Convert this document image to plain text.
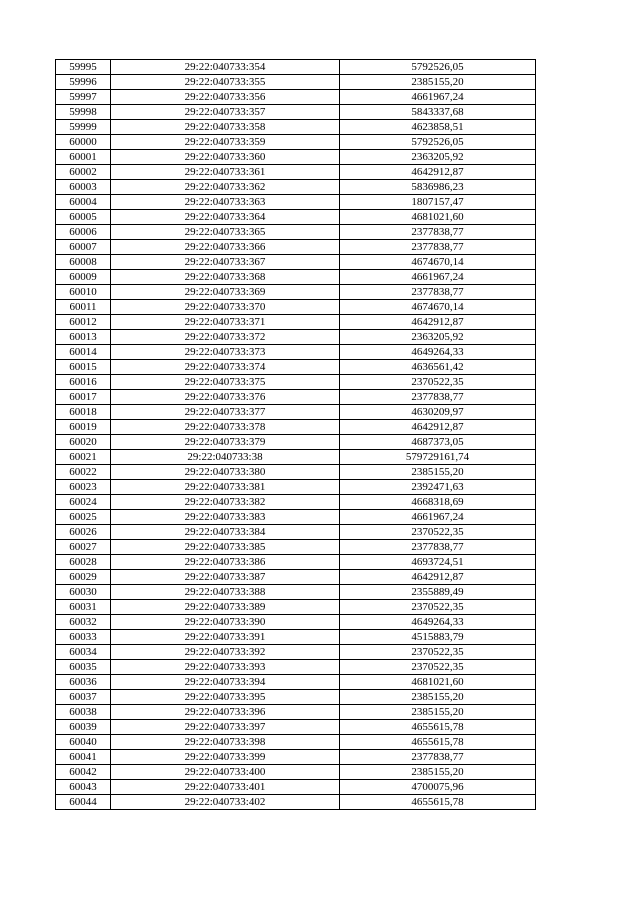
59995	29:22:040733:354	5792526,05
59996	29:22:040733:355	2385155,20
59997	29:22:040733:356	4661967,24
59998	29:22:040733:357	5843337,68
59999	29:22:040733:358	4623858,51
60000	29:22:040733:359	5792526,05
60001	29:22:040733:360	2363205,92
60002	29:22:040733:361	4642912,87
60003	29:22:040733:362	5836986,23
60004	29:22:040733:363	1807157,47
60005	29:22:040733:364	4681021,60
60006	29:22:040733:365	2377838,77
60007	29:22:040733:366	2377838,77
60008	29:22:040733:367	4674670,14
60009	29:22:040733:368	4661967,24
60010	29:22:040733:369	2377838,77
60011	29:22:040733:370	4674670,14
60012	29:22:040733:371	4642912,87
60013	29:22:040733:372	2363205,92
60014	29:22:040733:373	4649264,33
60015	29:22:040733:374	4636561,42
60016	29:22:040733:375	2370522,35
60017	29:22:040733:376	2377838,77
60018	29:22:040733:377	4630209,97
60019	29:22:040733:378	4642912,87
60020	29:22:040733:379	4687373,05
60021	29:22:040733:38	579729161,74
60022	29:22:040733:380	2385155,20
60023	29:22:040733:381	2392471,63
60024	29:22:040733:382	4668318,69
60025	29:22:040733:383	4661967,24
60026	29:22:040733:384	2370522,35
60027	29:22:040733:385	2377838,77
60028	29:22:040733:386	4693724,51
60029	29:22:040733:387	4642912,87
60030	29:22:040733:388	2355889,49
60031	29:22:040733:389	2370522,35
60032	29:22:040733:390	4649264,33
60033	29:22:040733:391	4515883,79
60034	29:22:040733:392	2370522,35
60035	29:22:040733:393	2370522,35
60036	29:22:040733:394	4681021,60
60037	29:22:040733:395	2385155,20
60038	29:22:040733:396	2385155,20
60039	29:22:040733:397	4655615,78
60040	29:22:040733:398	4655615,78
60041	29:22:040733:399	2377838,77
60042	29:22:040733:400	2385155,20
60043	29:22:040733:401	4700075,96
60044	29:22:040733:402	4655615,78
